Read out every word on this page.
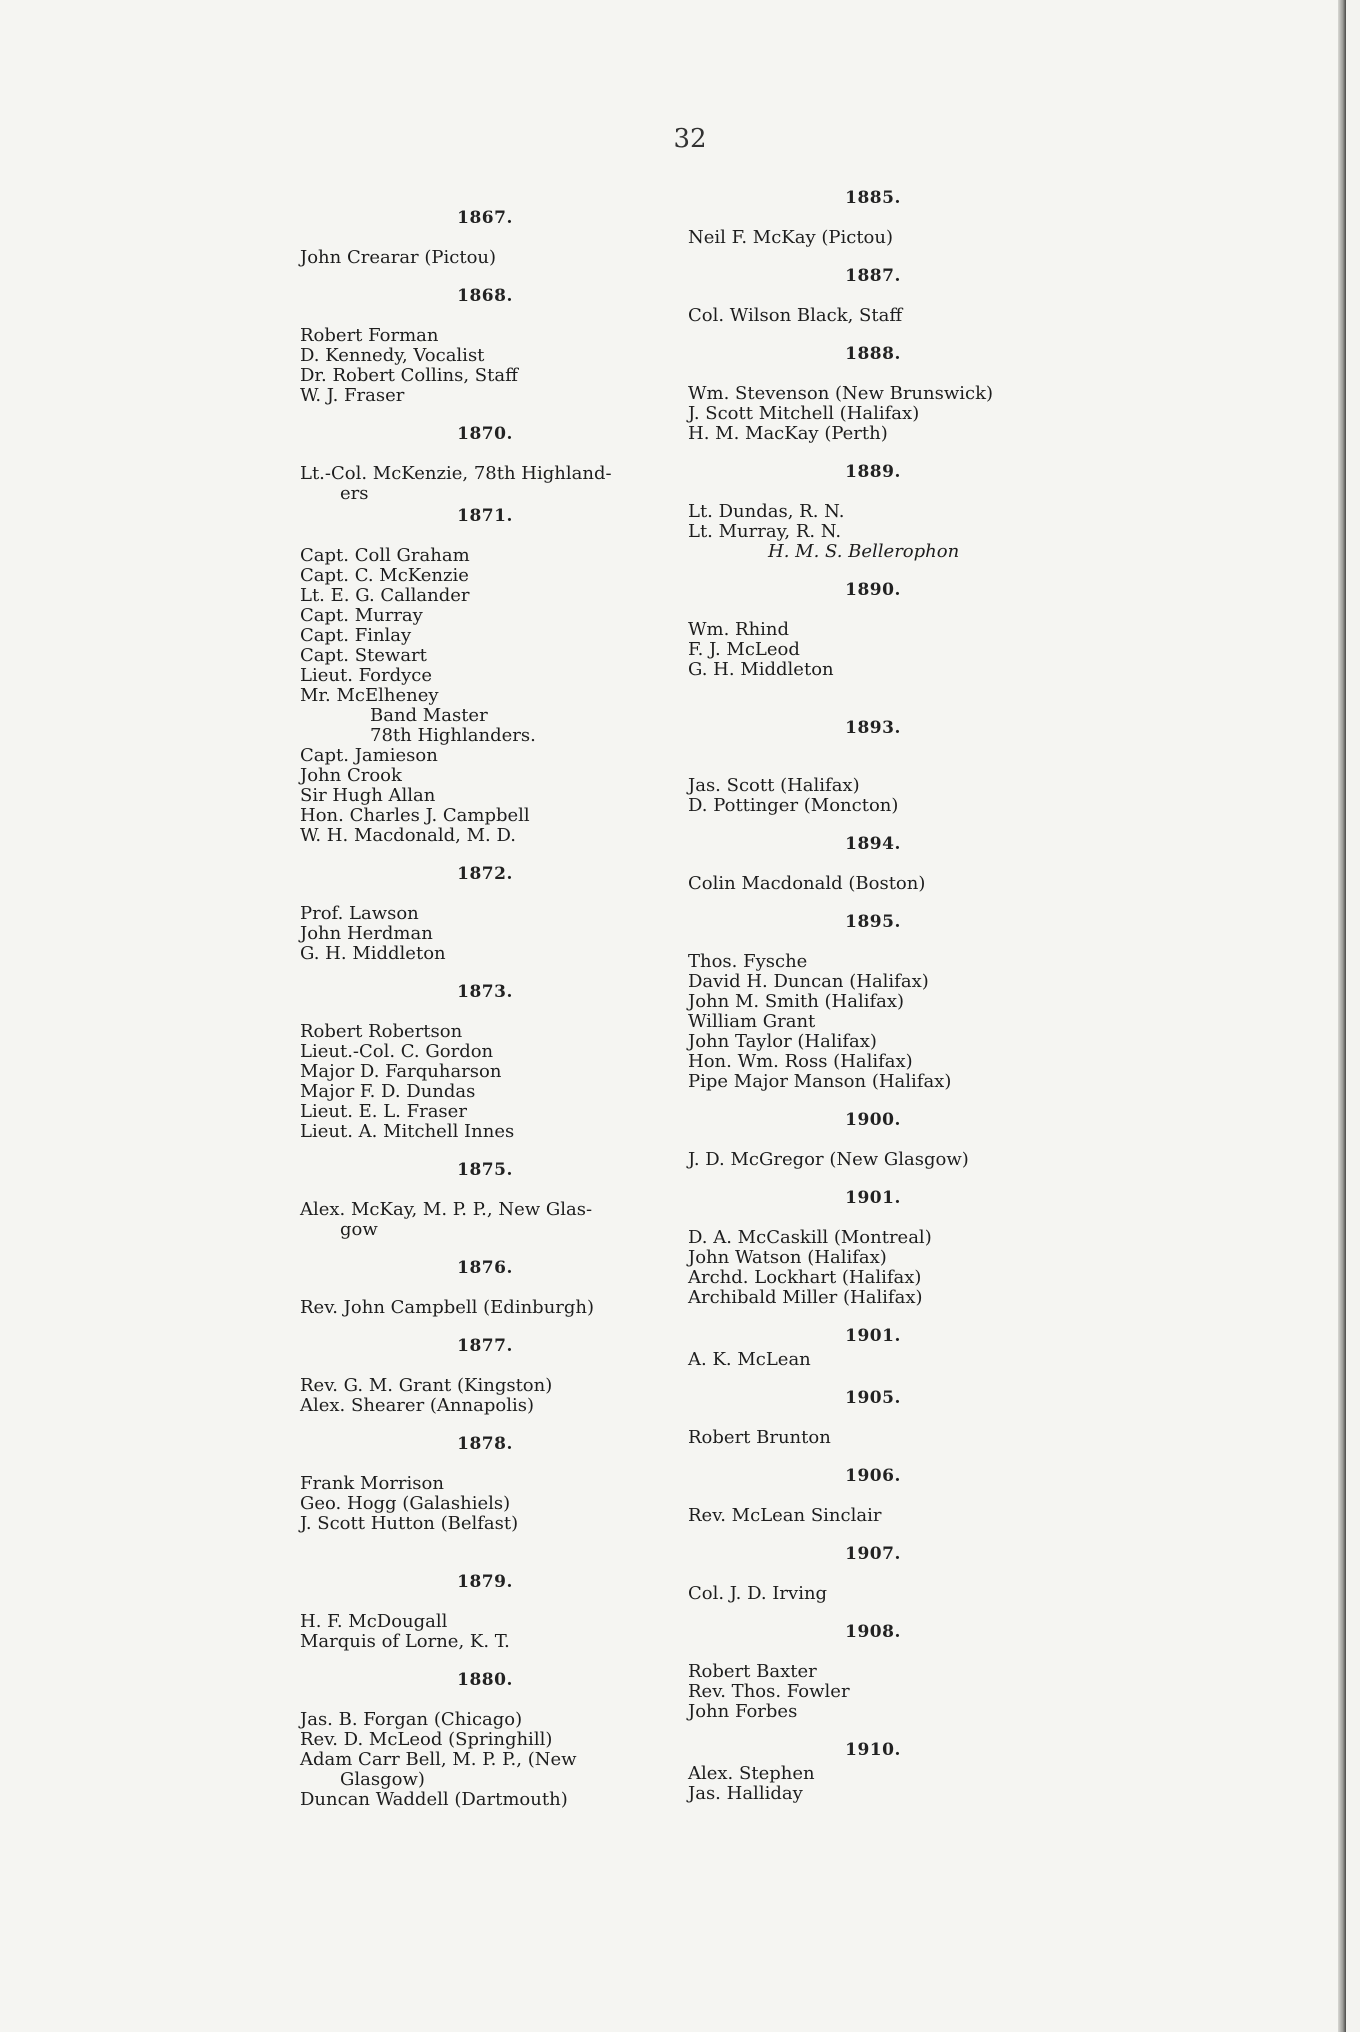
32
1867.
John Crearar (Pictou)
1868.
Robert Forman
D. Kennedy, Vocalist
Dr. Robert Collins, Staff
W. J. Fraser
1870.
Lt.-Col. McKenzie, 78th Highland-
ers
1871.
Capt. Coll Graham
Capt. C. McKenzie
Lt. E. G. Callander
Capt. Murray
Capt. Finlay
Capt. Stewart
Lieut. Fordyce
Mr. McElheney
Band Master
78th Highlanders.
Capt. Jamieson
John Crook
Sir Hugh Allan
Hon. Charles J. Campbell
W. H. Macdonald, M. D.
1872.
Prof. Lawson
John Herdman
G. H. Middleton
1873.
Robert Robertson
Lieut.-Col. C. Gordon
Major D. Farquharson
Major F. D. Dundas
Lieut. E. L. Fraser
Lieut. A. Mitchell Innes
1875.
Alex. McKay, M. P. P., New Glas-
gow
1876.
Rev. John Campbell (Edinburgh)
1877.
Rev. G. M. Grant (Kingston)
Alex. Shearer (Annapolis)
1878.
Frank Morrison
Geo. Hogg (Galashiels)
J. Scott Hutton (Belfast)
1879.
H. F. McDougall
Marquis of Lorne, K. T.
1880.
Jas. B. Forgan (Chicago)
Rev. D. McLeod (Springhill)
Adam Carr Bell, M. P. P., (New
Glasgow)
Duncan Waddell (Dartmouth)
1885.
Neil F. McKay (Pictou)
1887.
Col. Wilson Black, Staff
1888.
Wm. Stevenson (New Brunswick)
J. Scott Mitchell (Halifax)
H. M. MacKay (Perth)
1889.
Lt. Dundas, R. N.
Lt. Murray, R. N.
H. M. S. Bellerophon
1890.
Wm. Rhind
F. J. McLeod
G. H. Middleton
1893.
Jas. Scott (Halifax)
D. Pottinger (Moncton)
1894.
Colin Macdonald (Boston)
1895.
Thos. Fysche
David H. Duncan (Halifax)
John M. Smith (Halifax)
William Grant
John Taylor (Halifax)
Hon. Wm. Ross (Halifax)
Pipe Major Manson (Halifax)
1900.
J. D. McGregor (New Glasgow)
1901.
D. A. McCaskill (Montreal)
John Watson (Halifax)
Archd. Lockhart (Halifax)
Archibald Miller (Halifax)
1901.
A. K. McLean
1905.
Robert Brunton
1906.
Rev. McLean Sinclair
1907.
Col. J. D. Irving
1908.
Robert Baxter
Rev. Thos. Fowler
John Forbes
1910.
Alex. Stephen
Jas. Halliday
